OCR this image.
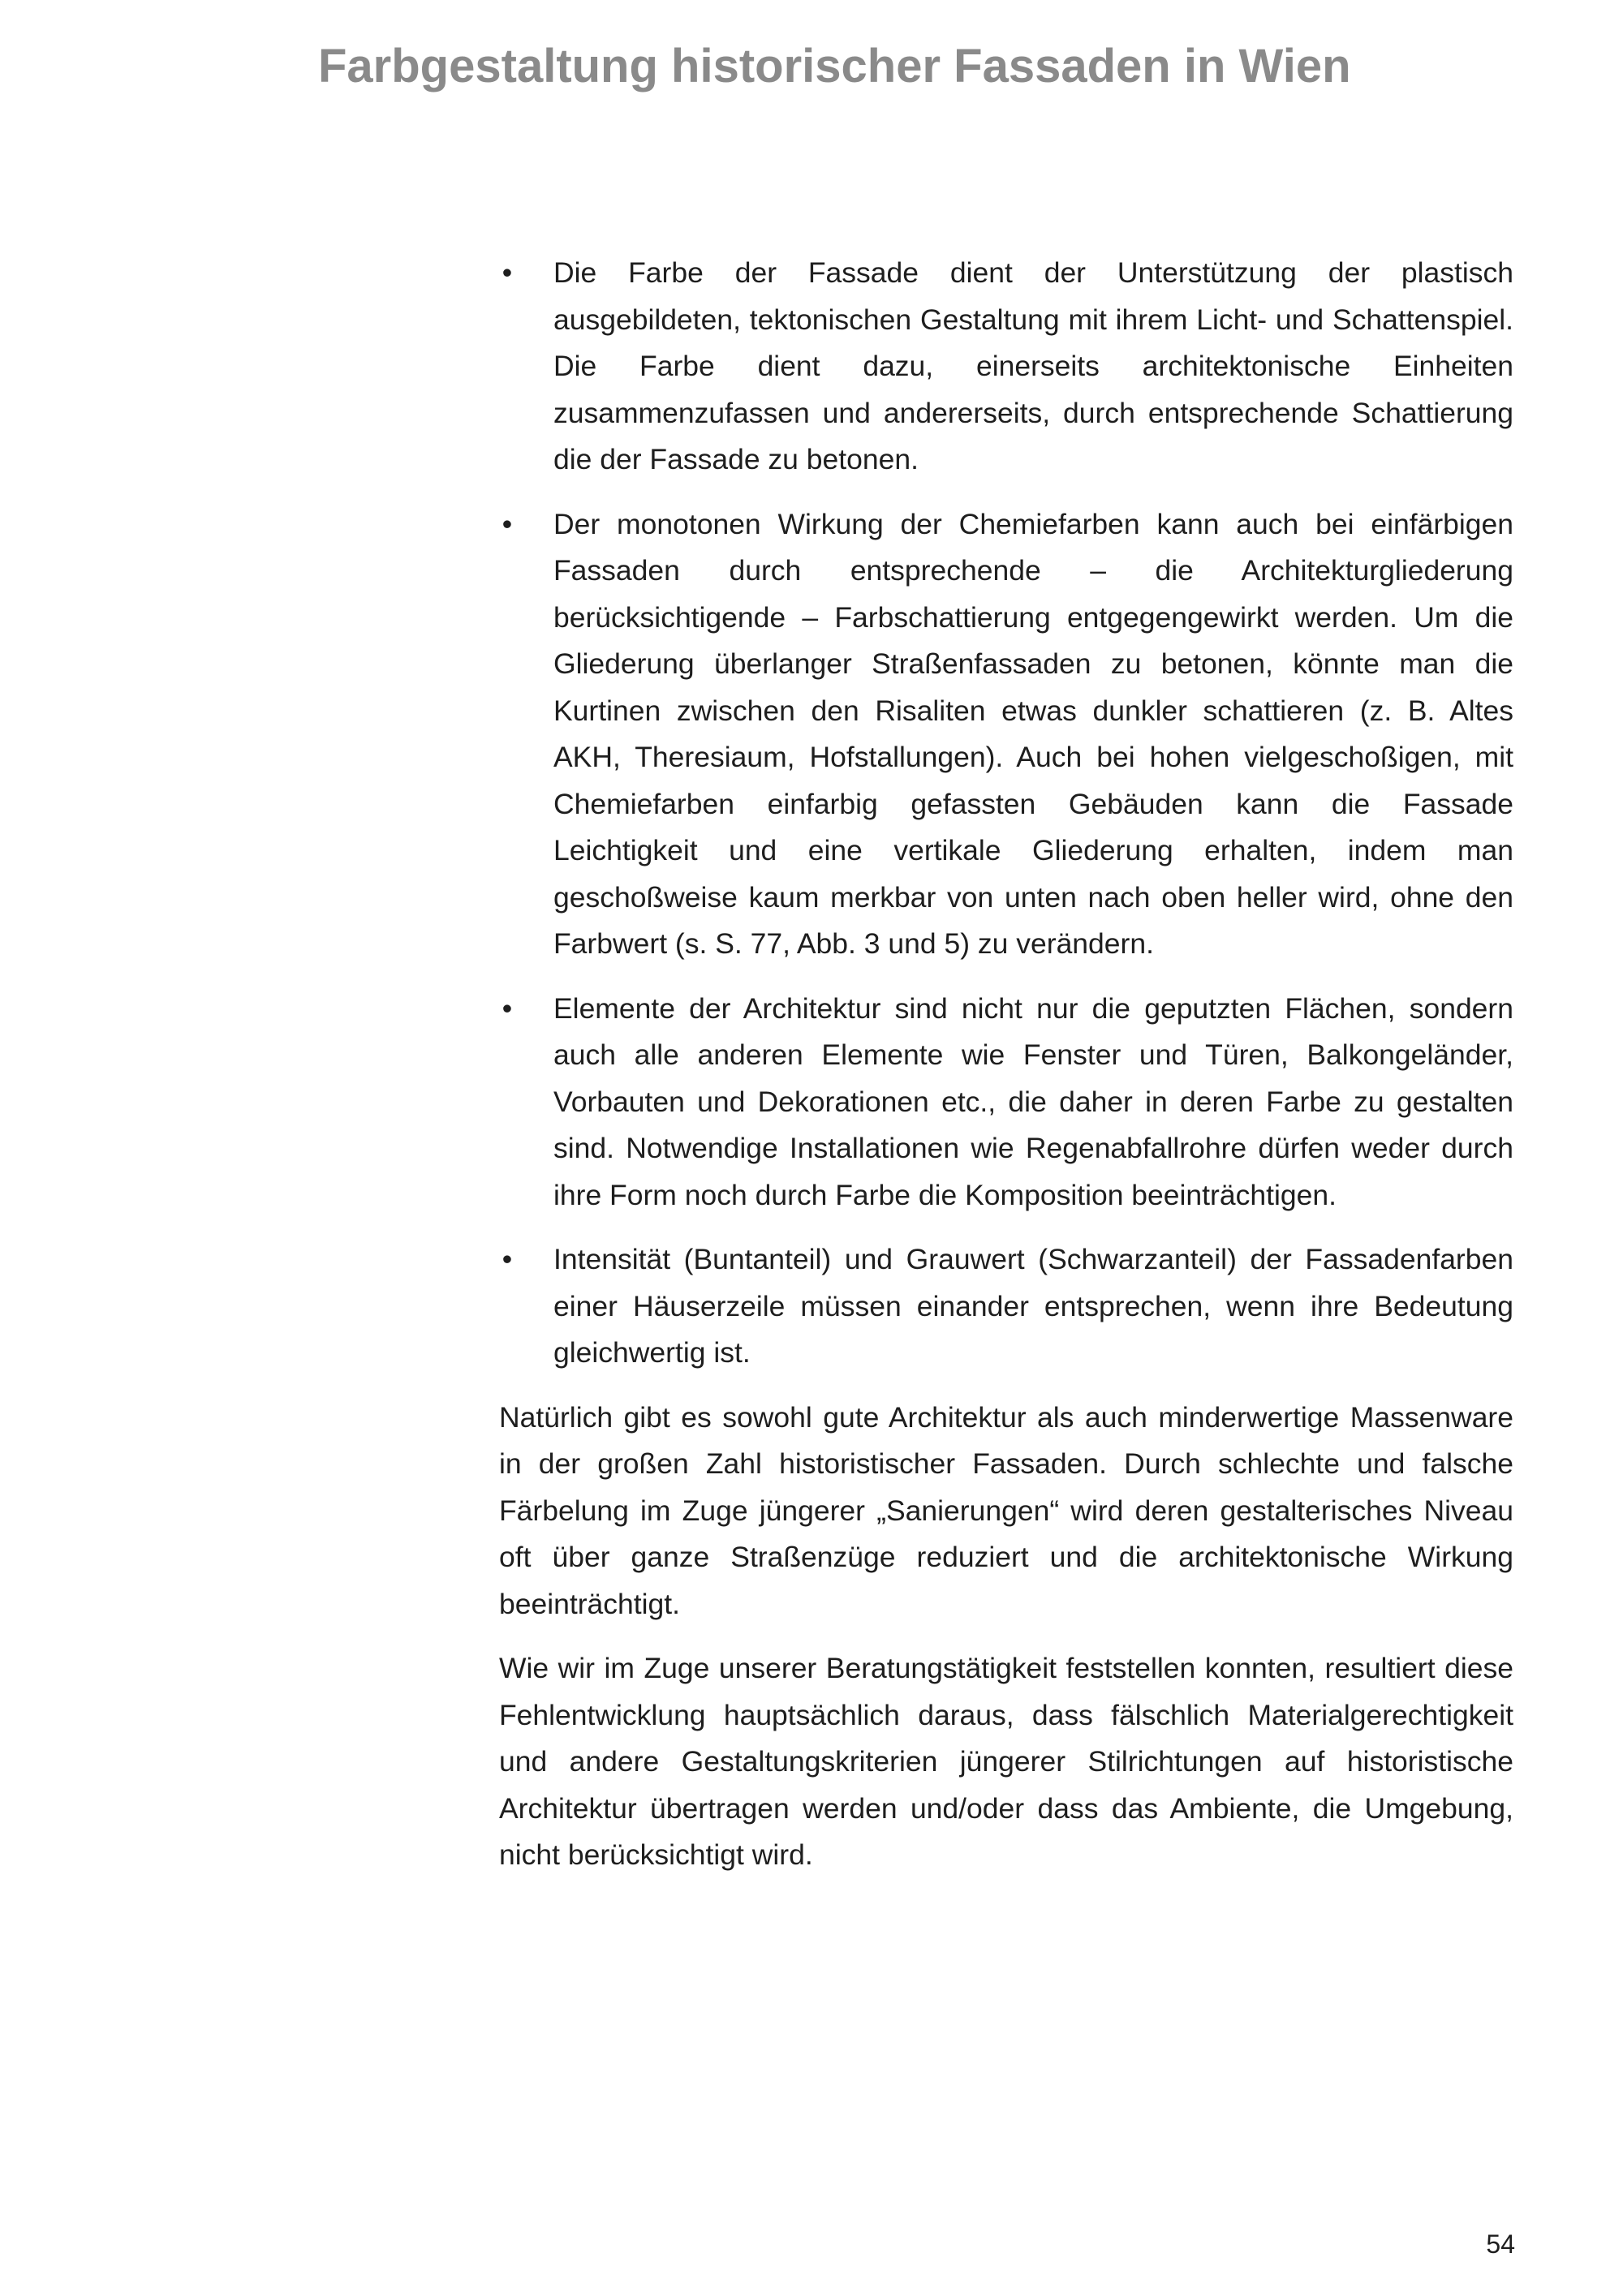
Farbgestaltung historischer Fassaden in Wien
• Die Farbe der Fassade dient der Unterstützung der plastisch ausgebildeten, tektonischen Gestaltung mit ihrem Licht- und Schattenspiel. Die Farbe dient dazu, einerseits architektonische Einheiten zusammenzufassen und andererseits, durch entsprechende Schattierung die der Fassade zu betonen.
• Der monotonen Wirkung der Chemiefarben kann auch bei einfärbigen Fassaden durch entsprechende – die Architekturgliederung berücksichtigende – Farbschattierung entgegengewirkt werden. Um die Gliederung überlanger Straßenfassaden zu betonen, könnte man die Kurtinen zwischen den Risaliten etwas dunkler schattieren (z. B. Altes AKH, Theresiaum, Hofstallungen). Auch bei hohen vielgeschoßigen, mit Chemiefarben einfarbig gefassten Gebäuden kann die Fassade Leichtigkeit und eine vertikale Gliederung erhalten, indem man geschoßweise kaum merkbar von unten nach oben heller wird, ohne den Farbwert (s. S. 77, Abb. 3 und 5) zu verändern.
• Elemente der Architektur sind nicht nur die geputzten Flächen, sondern auch alle anderen Elemente wie Fenster und Türen, Balkongeländer, Vorbauten und Dekorationen etc., die daher in deren Farbe zu gestalten sind. Notwendige Installationen wie Regenabfallrohre dürfen weder durch ihre Form noch durch Farbe die Komposition beeinträchtigen.
• Intensität (Buntanteil) und Grauwert (Schwarzanteil) der Fassadenfarben einer Häuserzeile müssen einander entsprechen, wenn ihre Bedeutung gleichwertig ist.

Natürlich gibt es sowohl gute Architektur als auch minderwertige Massenware in der großen Zahl historistischer Fassaden. Durch schlechte und falsche Färbelung im Zuge jüngerer „Sanierungen“ wird deren gestalterisches Niveau oft über ganze Straßenzüge reduziert und die architektonische Wirkung beeinträchtigt.

Wie wir im Zuge unserer Beratungstätigkeit feststellen konnten, resultiert diese Fehlentwicklung hauptsächlich daraus, dass fälschlich Materialgerechtigkeit und andere Gestaltungskriterien jüngerer Stilrichtungen auf historistische Architektur übertragen werden und/oder dass das Ambiente, die Umgebung, nicht berücksichtigt wird.

54
